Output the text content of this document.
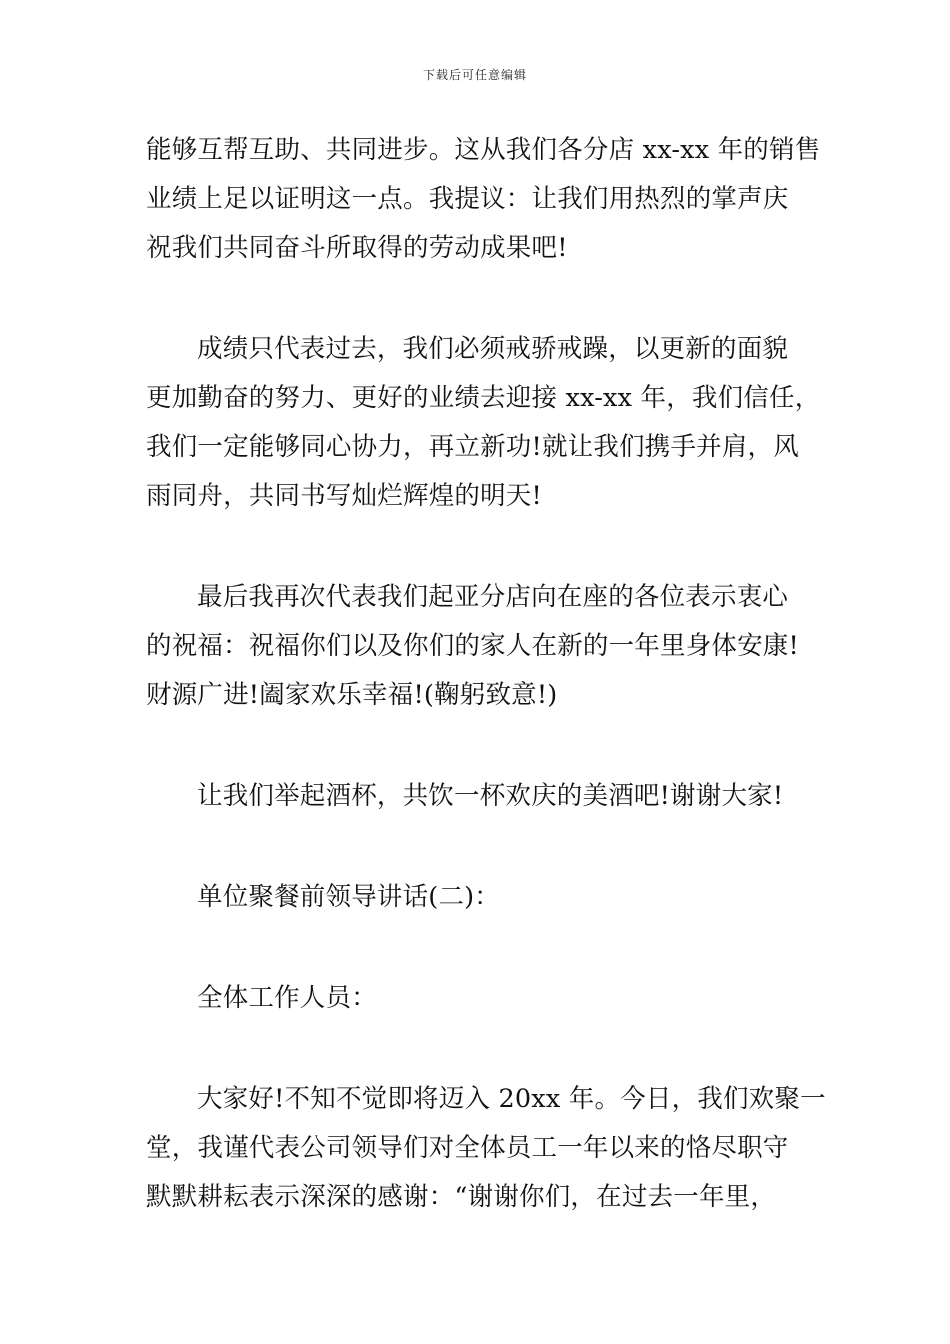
下载后可任意编辑
能够互帮互助、共同进步。这从我们各分店 xx-xx 年的销售
业绩上足以证明这一点。我提议：让我们用热烈的掌声庆
祝我们共同奋斗所取得的劳动成果吧!
成绩只代表过去，我们必须戒骄戒躁，以更新的面貌
更加勤奋的努力、更好的业绩去迎接 xx-xx 年，我们信任，
我们一定能够同心协力，再立新功!就让我们携手并肩，风
雨同舟，共同书写灿烂辉煌的明天!
最后我再次代表我们起亚分店向在座的各位表示衷心
的祝福：祝福你们以及你们的家人在新的一年里身体安康!
财源广进!阖家欢乐幸福!(鞠躬致意!)
让我们举起酒杯，共饮一杯欢庆的美酒吧!谢谢大家!
单位聚餐前领导讲话(二)：
全体工作人员：
大家好!不知不觉即将迈入 20xx 年。今日，我们欢聚一
堂，我谨代表公司领导们对全体员工一年以来的恪尽职守
默默耕耘表示深深的感谢：“谢谢你们，在过去一年里，
